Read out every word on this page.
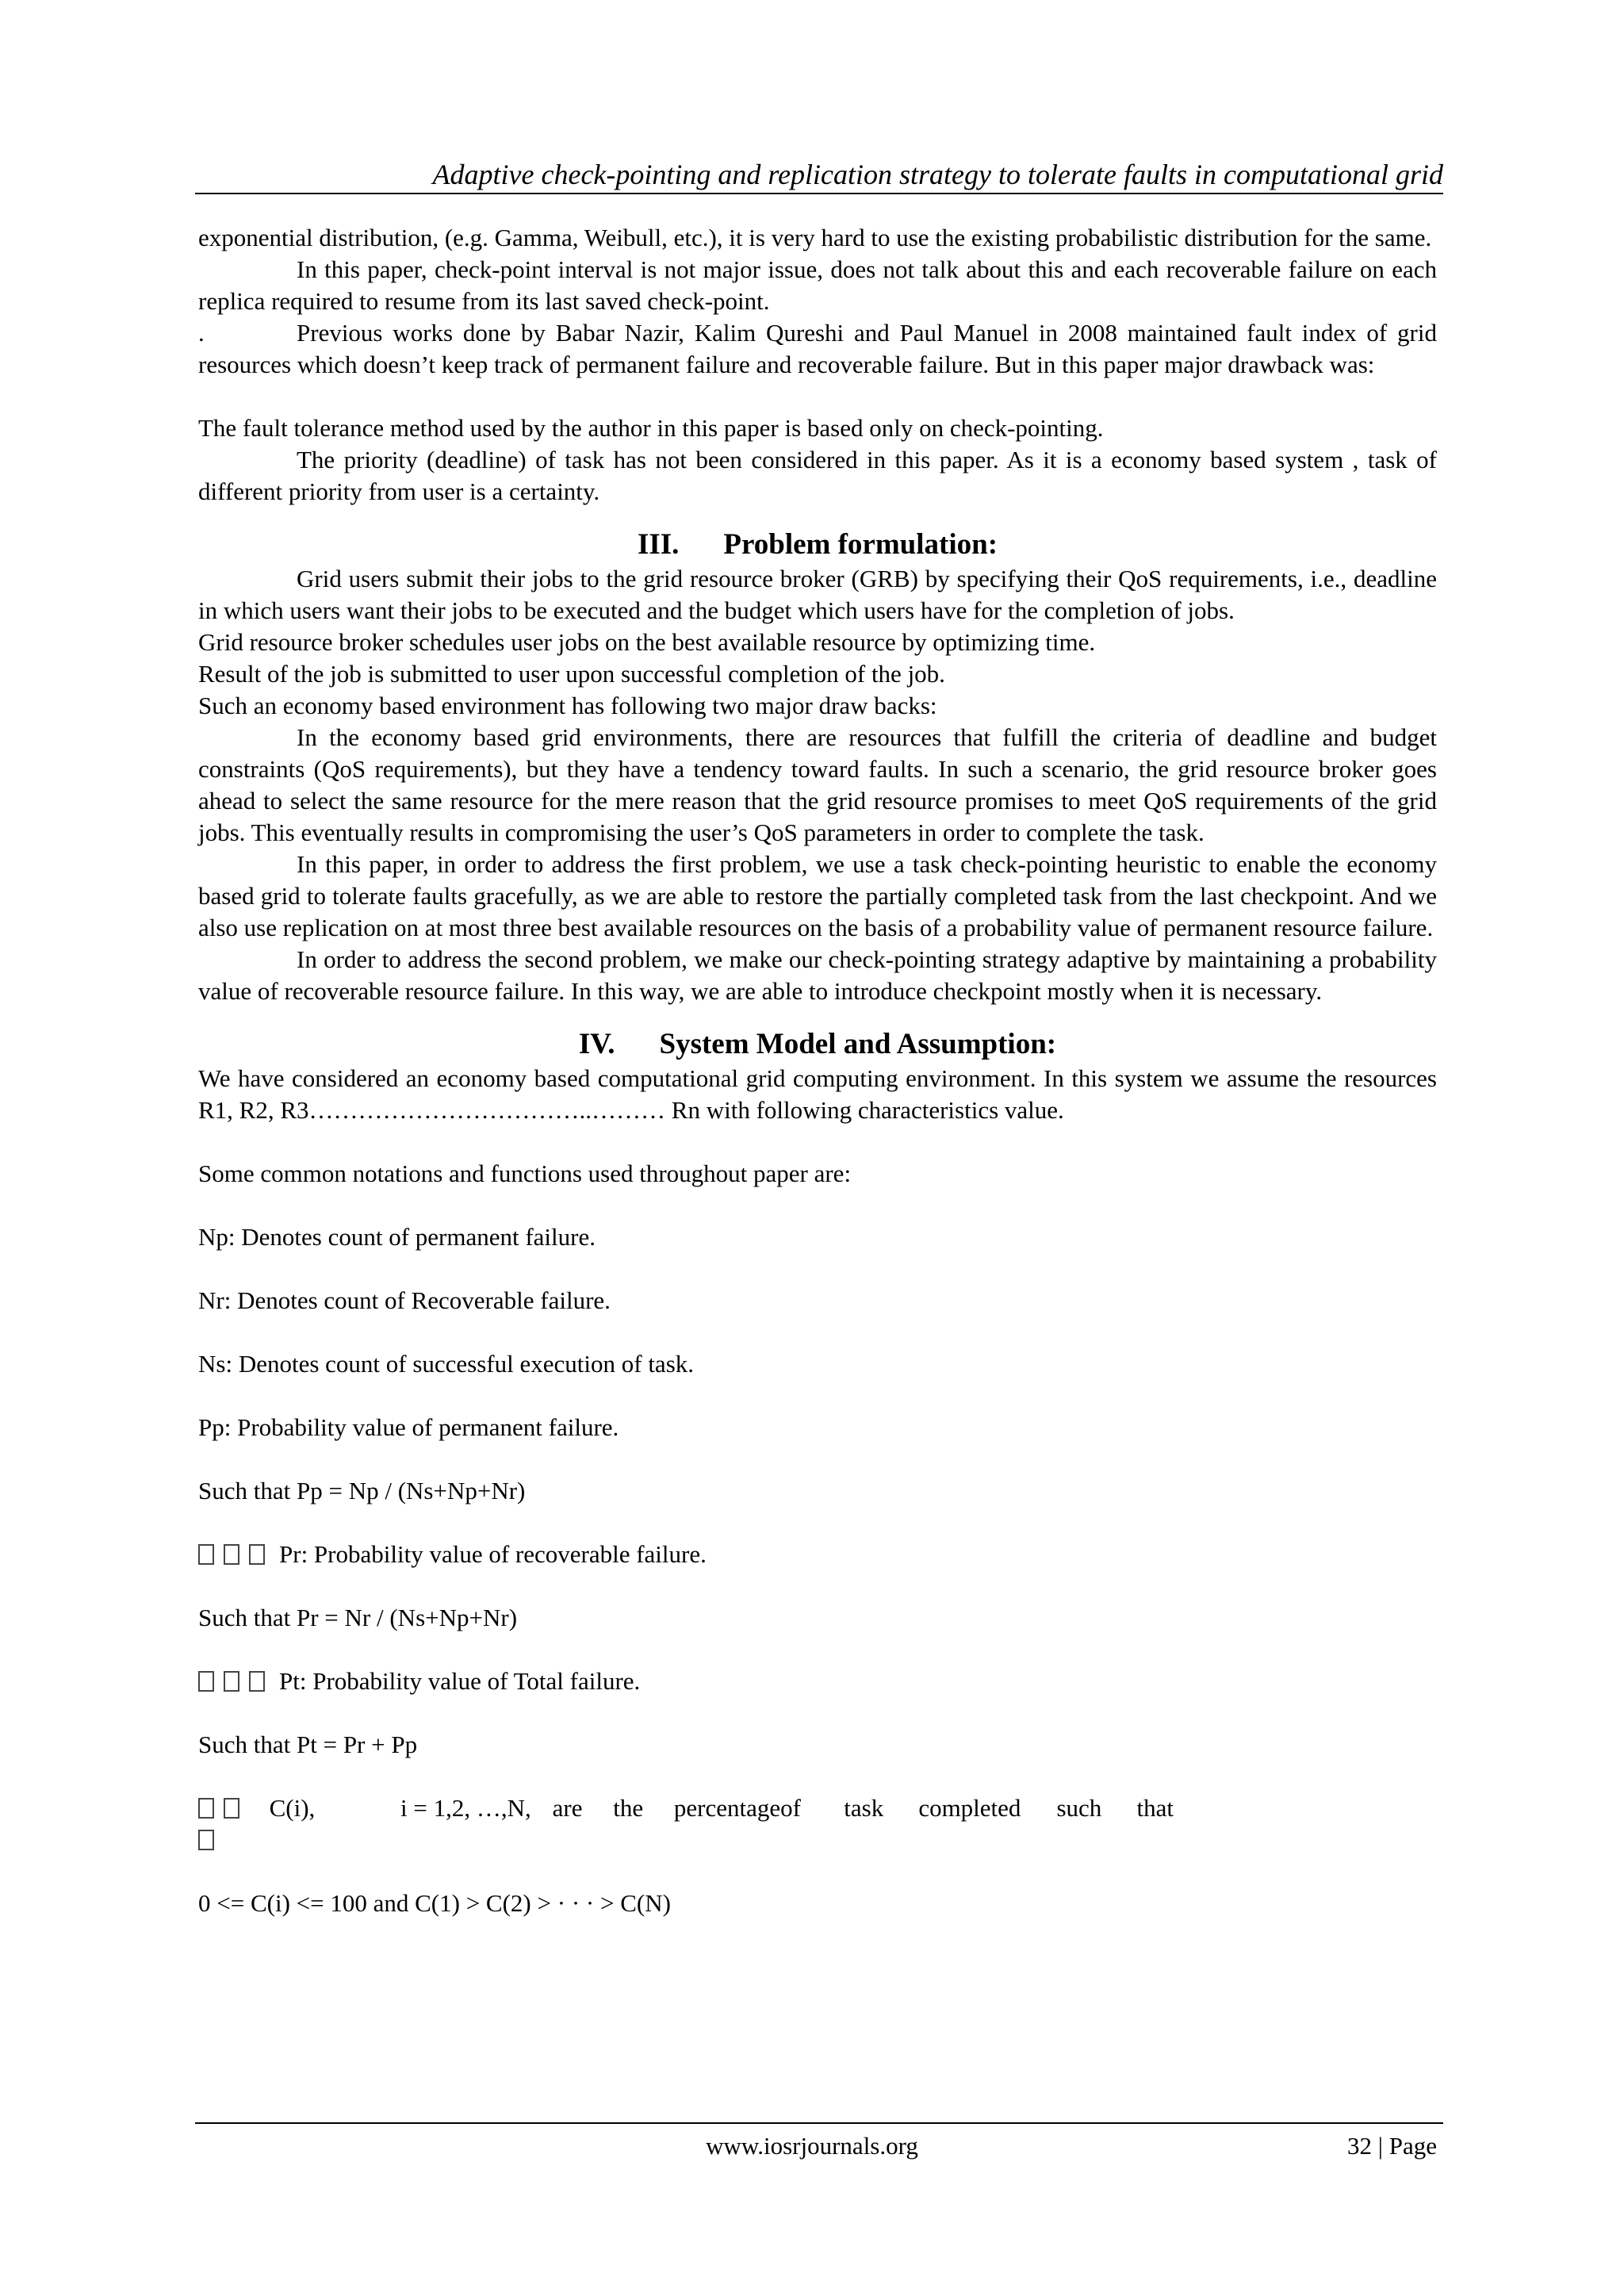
Adaptive check-pointing and replication strategy to tolerate faults in computational grid

exponential distribution, (e.g. Gamma, Weibull, etc.), it is very hard to use the existing probabilistic distribution for the same.

In this paper, check-point interval is not major issue, does not talk about this and each recoverable failure on each replica required to resume from its last saved check-point.

.	Previous works done by Babar Nazir, Kalim Qureshi and Paul Manuel in 2008 maintained fault index of grid resources which doesn’t keep track of permanent failure and recoverable failure. But in this paper major drawback was:

The fault tolerance method used by the author in this paper is based only on check-pointing.

The priority (deadline) of task has not been considered in this paper. As it is a economy based system , task of different priority from user is a certainty.

III. Problem formulation:

Grid users submit their jobs to the grid resource broker (GRB) by specifying their QoS requirements, i.e., deadline in which users want their jobs to be executed and the budget which users have for the completion of jobs.

Grid resource broker schedules user jobs on the best available resource by optimizing time.

Result of the job is submitted to user upon successful completion of the job.

Such an economy based environment has following two major draw backs:

In the economy based grid environments, there are resources that fulfill the criteria of deadline and budget constraints (QoS requirements), but they have a tendency toward faults. In such a scenario, the grid resource broker goes ahead to select the same resource for the mere reason that the grid resource promises to meet QoS requirements of the grid jobs. This eventually results in compromising the user’s QoS parameters in order to complete the task.

In this paper, in order to address the first problem, we use a task check-pointing heuristic to enable the economy based grid to tolerate faults gracefully, as we are able to restore the partially completed task from the last checkpoint. And we also use replication on at most three best available resources on the basis of a probability value of permanent resource failure.

In order to address the second problem, we make our check-pointing strategy adaptive by maintaining a probability value of recoverable resource failure. In this way, we are able to introduce checkpoint mostly when it is necessary.

IV. System Model and Assumption:

We have considered an economy based computational grid computing environment. In this system we assume the resources R1, R2, R3……………………………..……… Rn with following characteristics value.

Some common notations and functions used throughout paper are:

Np: Denotes count of permanent failure.

Nr: Denotes count of Recoverable failure.

Ns: Denotes count of successful execution of task.

Pp: Probability value of permanent failure.

Such that Pp = Np / (Ns+Np+Nr)

Pr: Probability value of recoverable failure.

Such that Pr = Nr / (Ns+Np+Nr)

Pt: Probability value of Total failure.

Such that Pt = Pr + Pp

C(i),	i = 1,2, …,N, are	the	percentage of	task	completed	such	that

0 <= C(i) <= 100 and C(1) > C(2) > · · · > C(N)

www.iosrjournals.org	32 | Page
